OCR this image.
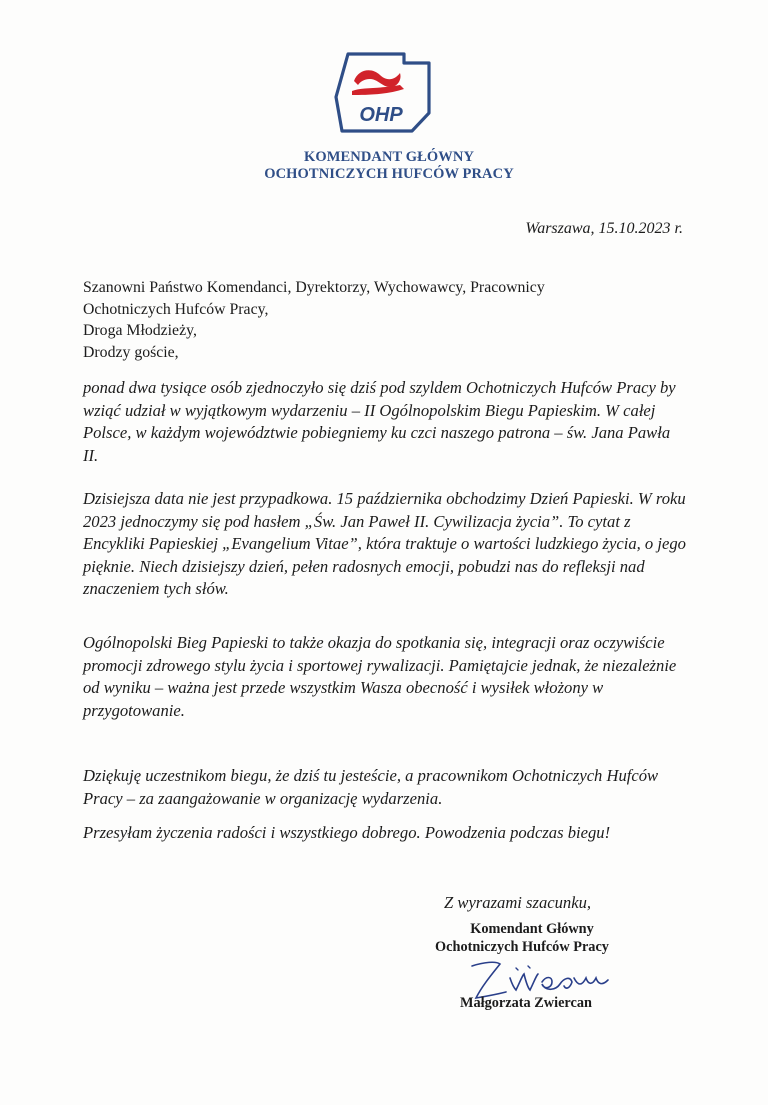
OHP
KOMENDANT GŁÓWNY
OCHOTNICZYCH HUFCÓW PRACY
Warszawa, 15.10.2023 r.
Szanowni Państwo Komendanci, Dyrektorzy, Wychowawcy, Pracownicy
Ochotniczych Hufców Pracy,
Droga Młodzieży,
Drodzy goście,

ponad dwa tysiące osób zjednoczyło się dziś pod szyldem Ochotniczych Hufców Pracy by wziąć udział w wyjątkowym wydarzeniu – II Ogólnopolskim Biegu Papieskim. W całej Polsce, w każdym województwie pobiegniemy ku czci naszego patrona – św. Jana Pawła II.

Dzisiejsza data nie jest przypadkowa. 15 października obchodzimy Dzień Papieski. W roku 2023 jednoczymy się pod hasłem „Św. Jan Paweł II. Cywilizacja życia”. To cytat z Encykliki Papieskiej „Evangelium Vitae”, która traktuje o wartości ludzkiego życia, o jego pięknie. Niech dzisiejszy dzień, pełen radosnych emocji, pobudzi nas do refleksji nad znaczeniem tych słów.

Ogólnopolski Bieg Papieski to także okazja do spotkania się, integracji oraz oczywiście promocji zdrowego stylu życia i sportowej rywalizacji. Pamiętajcie jednak, że niezależnie od wyniku – ważna jest przede wszystkim Wasza obecność i wysiłek włożony w przygotowanie.

Dziękuję uczestnikom biegu, że dziś tu jesteście, a pracownikom Ochotniczych Hufców Pracy – za zaangażowanie w organizację wydarzenia.

Przesyłam życzenia radości i wszystkiego dobrego. Powodzenia podczas biegu!

Z wyrazami szacunku,
Komendant Główny
Ochotniczych Hufców Pracy
Małgorzata Zwiercan
